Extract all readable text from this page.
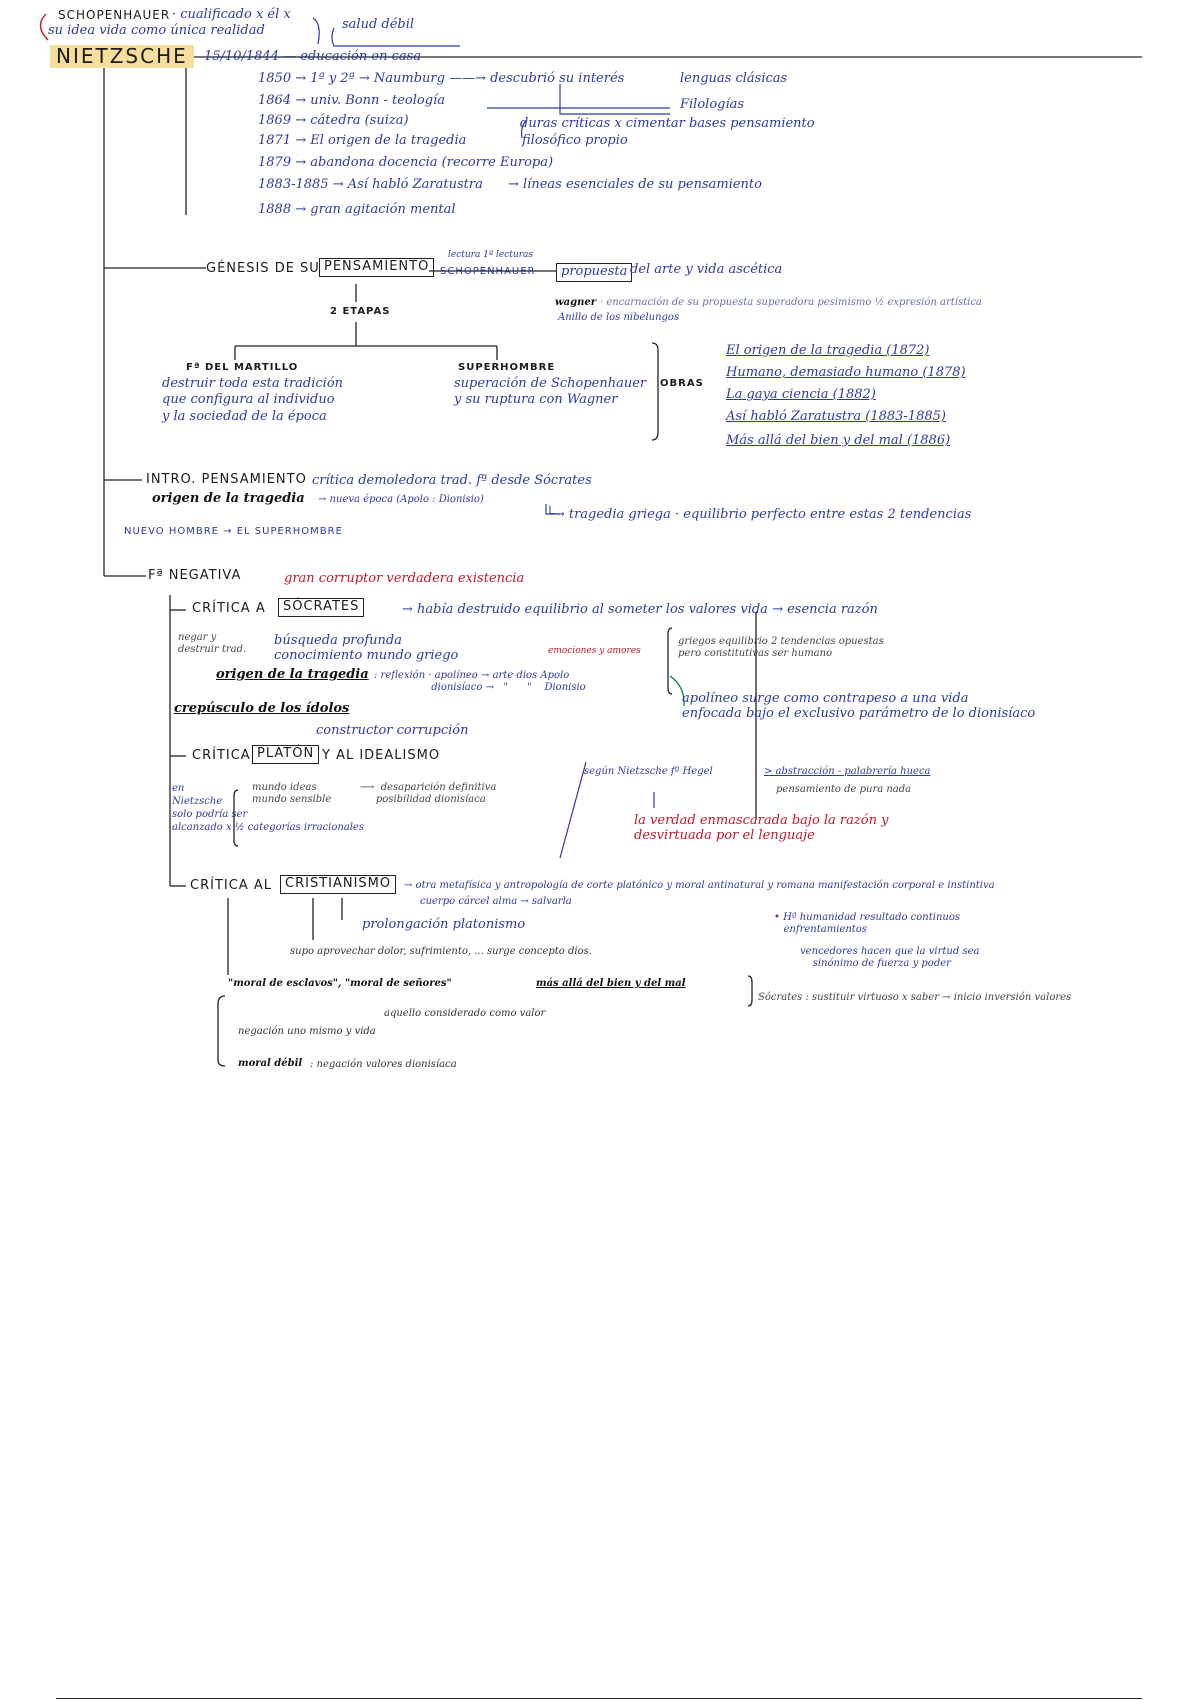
SCHOPENHAUER · cualificado x él x
su idea vida como única realidad	salud débil
NIETZSCHE	15/10/1844 — educación en casa
1850 → 1ª y 2ª → Naumburg ——→ descubrió su interés
1864 → univ. Bonn - teología
1869 → cátedra (suiza)
1871 → El origen de la tragedia
1879 → abandona docencia (recorre Europa)
1883-1885 → Así habló Zaratustra
1888 → gran agitación mental
lenguas clásicas
Filologías
duras críticas x cimentar bases pensamiento
filosófico propio
→ líneas esenciales de su pensamiento
GÉNESIS DE SU PENSAMIENTO
lectura 1ª lecturas
SCHOPENHAUER	propuesta del arte y vida ascética
wagner · encarnación de su propuesta superadora pesimismo ½ expresión artística
Anillo de los nibelungos
2 ETAPAS
Fª DEL MARTILLO
destruir toda esta tradición
que configura al individuo
y la sociedad de la época
SUPERHOMBRE
superación de Schopenhauer
y su ruptura con Wagner
OBRAS
El origen de la tragedia (1872)
Humano, demasiado humano (1878)
La gaya ciencia (1882)
Así habló Zaratustra (1883-1885)
Más allá del bien y del mal (1886)
INTRO. PENSAMIENTO crítica demoledora trad. fª desde Sócrates
origen de la tragedia → nueva época (Apolo : Dionisio)
└→ tragedia griega · equilibrio perfecto entre estas 2 tendencias
NUEVO HOMBRE → EL SUPERHOMBRE
Fª NEGATIVA	gran corruptor verdadera existencia
CRÍTICA A	SÓCRATES	→ había destruido equilibrio al someter los valores vida → esencia razón
negar y
destruir trad.
búsqueda profunda
conocimiento mundo griego	emociones y amores
griegos equilibrio 2 tendencias opuestas
pero constitutivas ser humano
origen de la tragedia : reflexión · apolíneo → arte dios Apolo
dionisíaco →   "      "    Dionisio
apolíneo surge como contrapeso a una vida
enfocada bajo el exclusivo parámetro de lo dionisíaco
crepúsculo de los ídolos
constructor corrupción
CRÍTICA PLATÓN Y AL IDEALISMO
en
Nietzsche
solo podría ser
alcanzado x ½ categorías irracionales
mundo ideas
mundo sensible
⟶  desaparición definitiva
posibilidad dionisíaca
según Nietzsche fª Hegel	> abstracción - palabrería hueca
pensamiento de pura nada
la verdad enmascarada bajo la razón y
desvirtuada por el lenguaje
CRÍTICA AL	CRISTIANISMO	→ otra metafísica y antropología de corte platónico y moral antinatural y romana manifestación corporal e instintiva
cuerpo cárcel alma → salvarla
prolongación platonismo
supo aprovechar dolor, sufrimiento, ... surge concepto dios.
• Hª humanidad resultado continuos
enfrentamientos
vencedores hacen que la virtud sea
sinónimo de fuerza y poder
"moral de esclavos", "moral de señores"	más allá del bien y del mal
aquello considerado como valor
Sócrates : sustituir virtuoso x saber → inicio inversión valores
negación uno mismo y vida
moral débil : negación valores dionisíaca
